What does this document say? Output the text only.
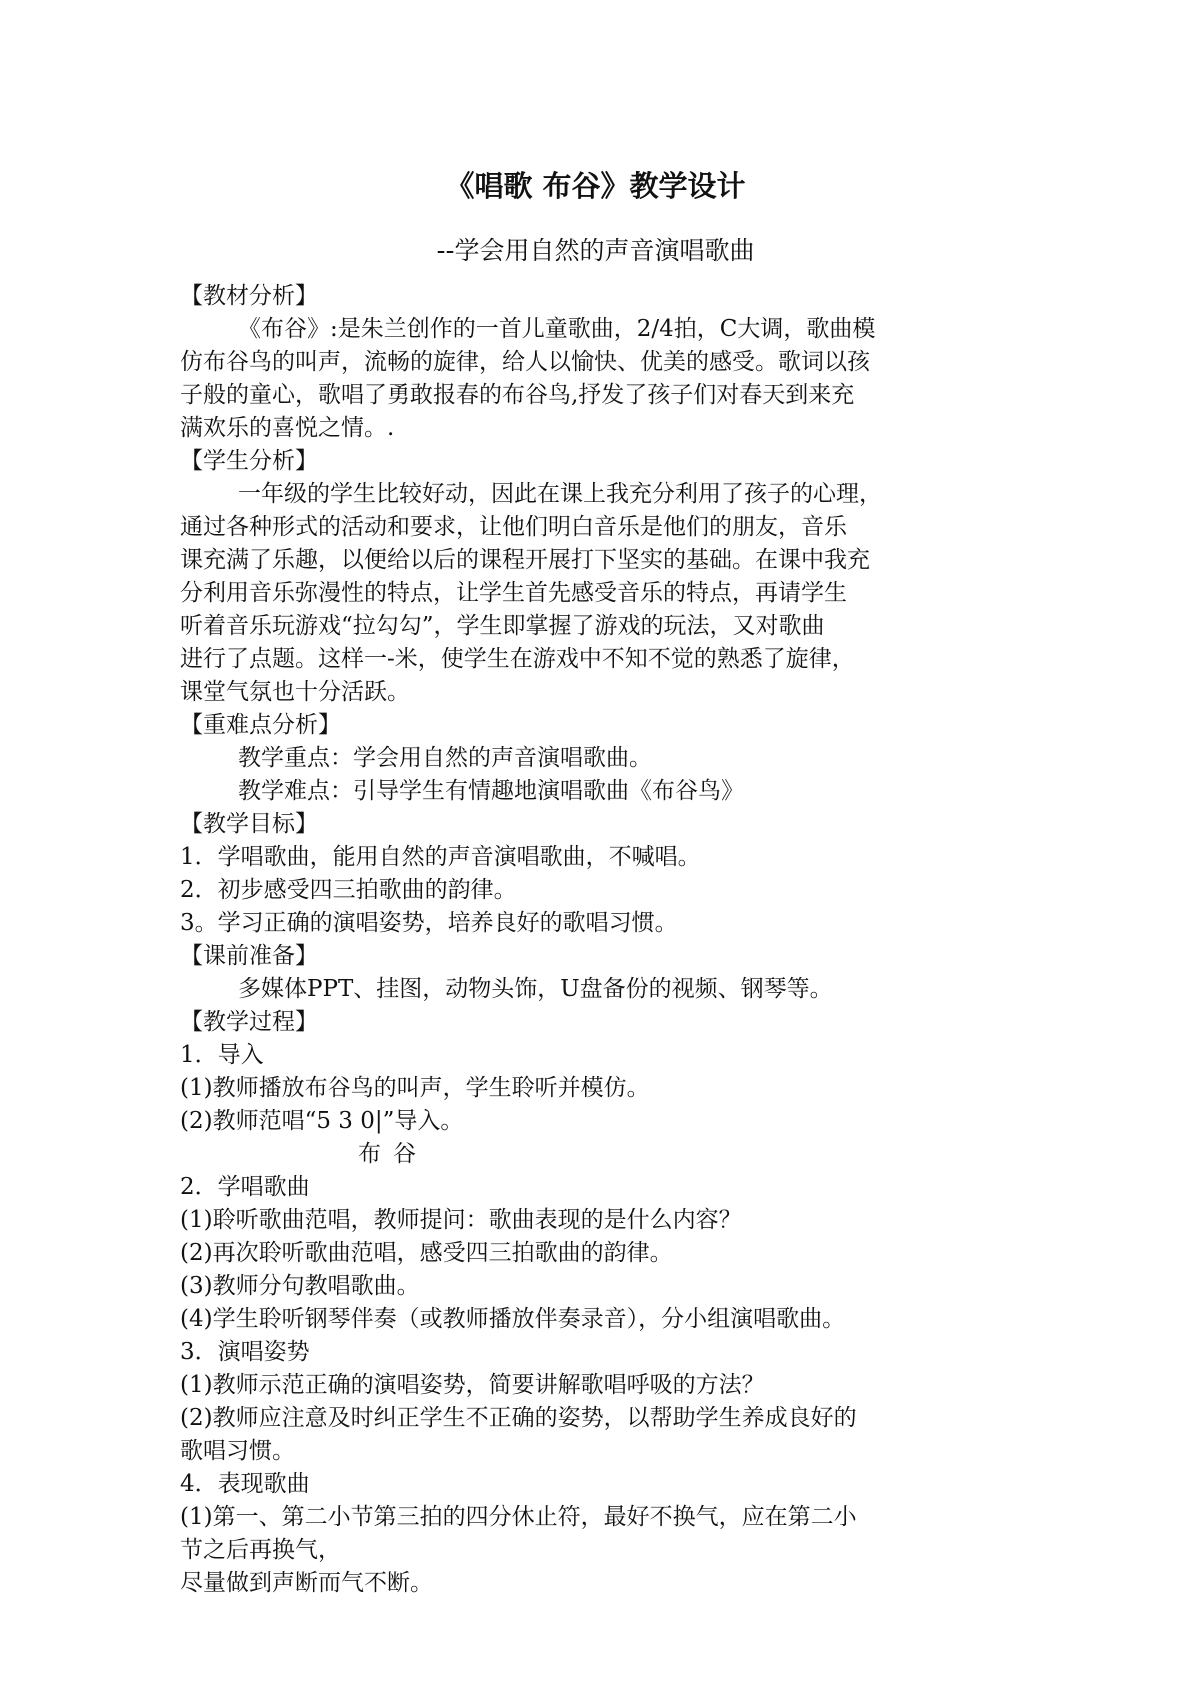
《唱歌 布谷》教学设计
--学会用自然的声音演唱歌曲
【教材分析】
《布谷》:是朱兰创作的一首儿童歌曲，2/4拍，C大调，歌曲模
仿布谷鸟的叫声，流畅的旋律，给人以愉快、优美的感受。歌词以孩
子般的童心，歌唱了勇敢报春的布谷鸟,抒发了孩子们对春天到来充
满欢乐的喜悦之情。.
【学生分析】
一年级的学生比较好动，因此在课上我充分利用了孩子的心理，
通过各种形式的活动和要求，让他们明白音乐是他们的朋友，音乐
课充满了乐趣，以便给以后的课程开展打下坚实的基础。在课中我充
分利用音乐弥漫性的特点，让学生首先感受音乐的特点，再请学生
听着音乐玩游戏“拉勾勾”，学生即掌握了游戏的玩法，又对歌曲
进行了点题。这样一-米，使学生在游戏中不知不觉的熟悉了旋律，
课堂气氛也十分活跃。
【重难点分析】
教学重点：学会用自然的声音演唱歌曲。
教学难点：引导学生有情趣地演唱歌曲《布谷鸟》
【教学目标】
1．学唱歌曲，能用自然的声音演唱歌曲，不喊唱。
2．初步感受四三拍歌曲的韵律。
3。学习正确的演唱姿势，培养良好的歌唱习惯。
【课前准备】
多媒体PPT、挂图，动物头饰，U盘备份的视频、钢琴等。
【教学过程】
1．导入
(1)教师播放布谷鸟的叫声，学生聆听并模仿。
(2)教师范唱“5 3 0|”导入。
布谷
2．学唱歌曲
(1)聆听歌曲范唱，教师提问：歌曲表现的是什么内容？
(2)再次聆听歌曲范唱，感受四三拍歌曲的韵律。
(3)教师分句教唱歌曲。
(4)学生聆听钢琴伴奏（或教师播放伴奏录音），分小组演唱歌曲。
3．演唱姿势
(1)教师示范正确的演唱姿势，简要讲解歌唱呼吸的方法？
(2)教师应注意及时纠正学生不正确的姿势，以帮助学生养成良好的
歌唱习惯。
4．表现歌曲
(1)第一、第二小节第三拍的四分休止符，最好不换气，应在第二小
节之后再换气，
尽量做到声断而气不断。
